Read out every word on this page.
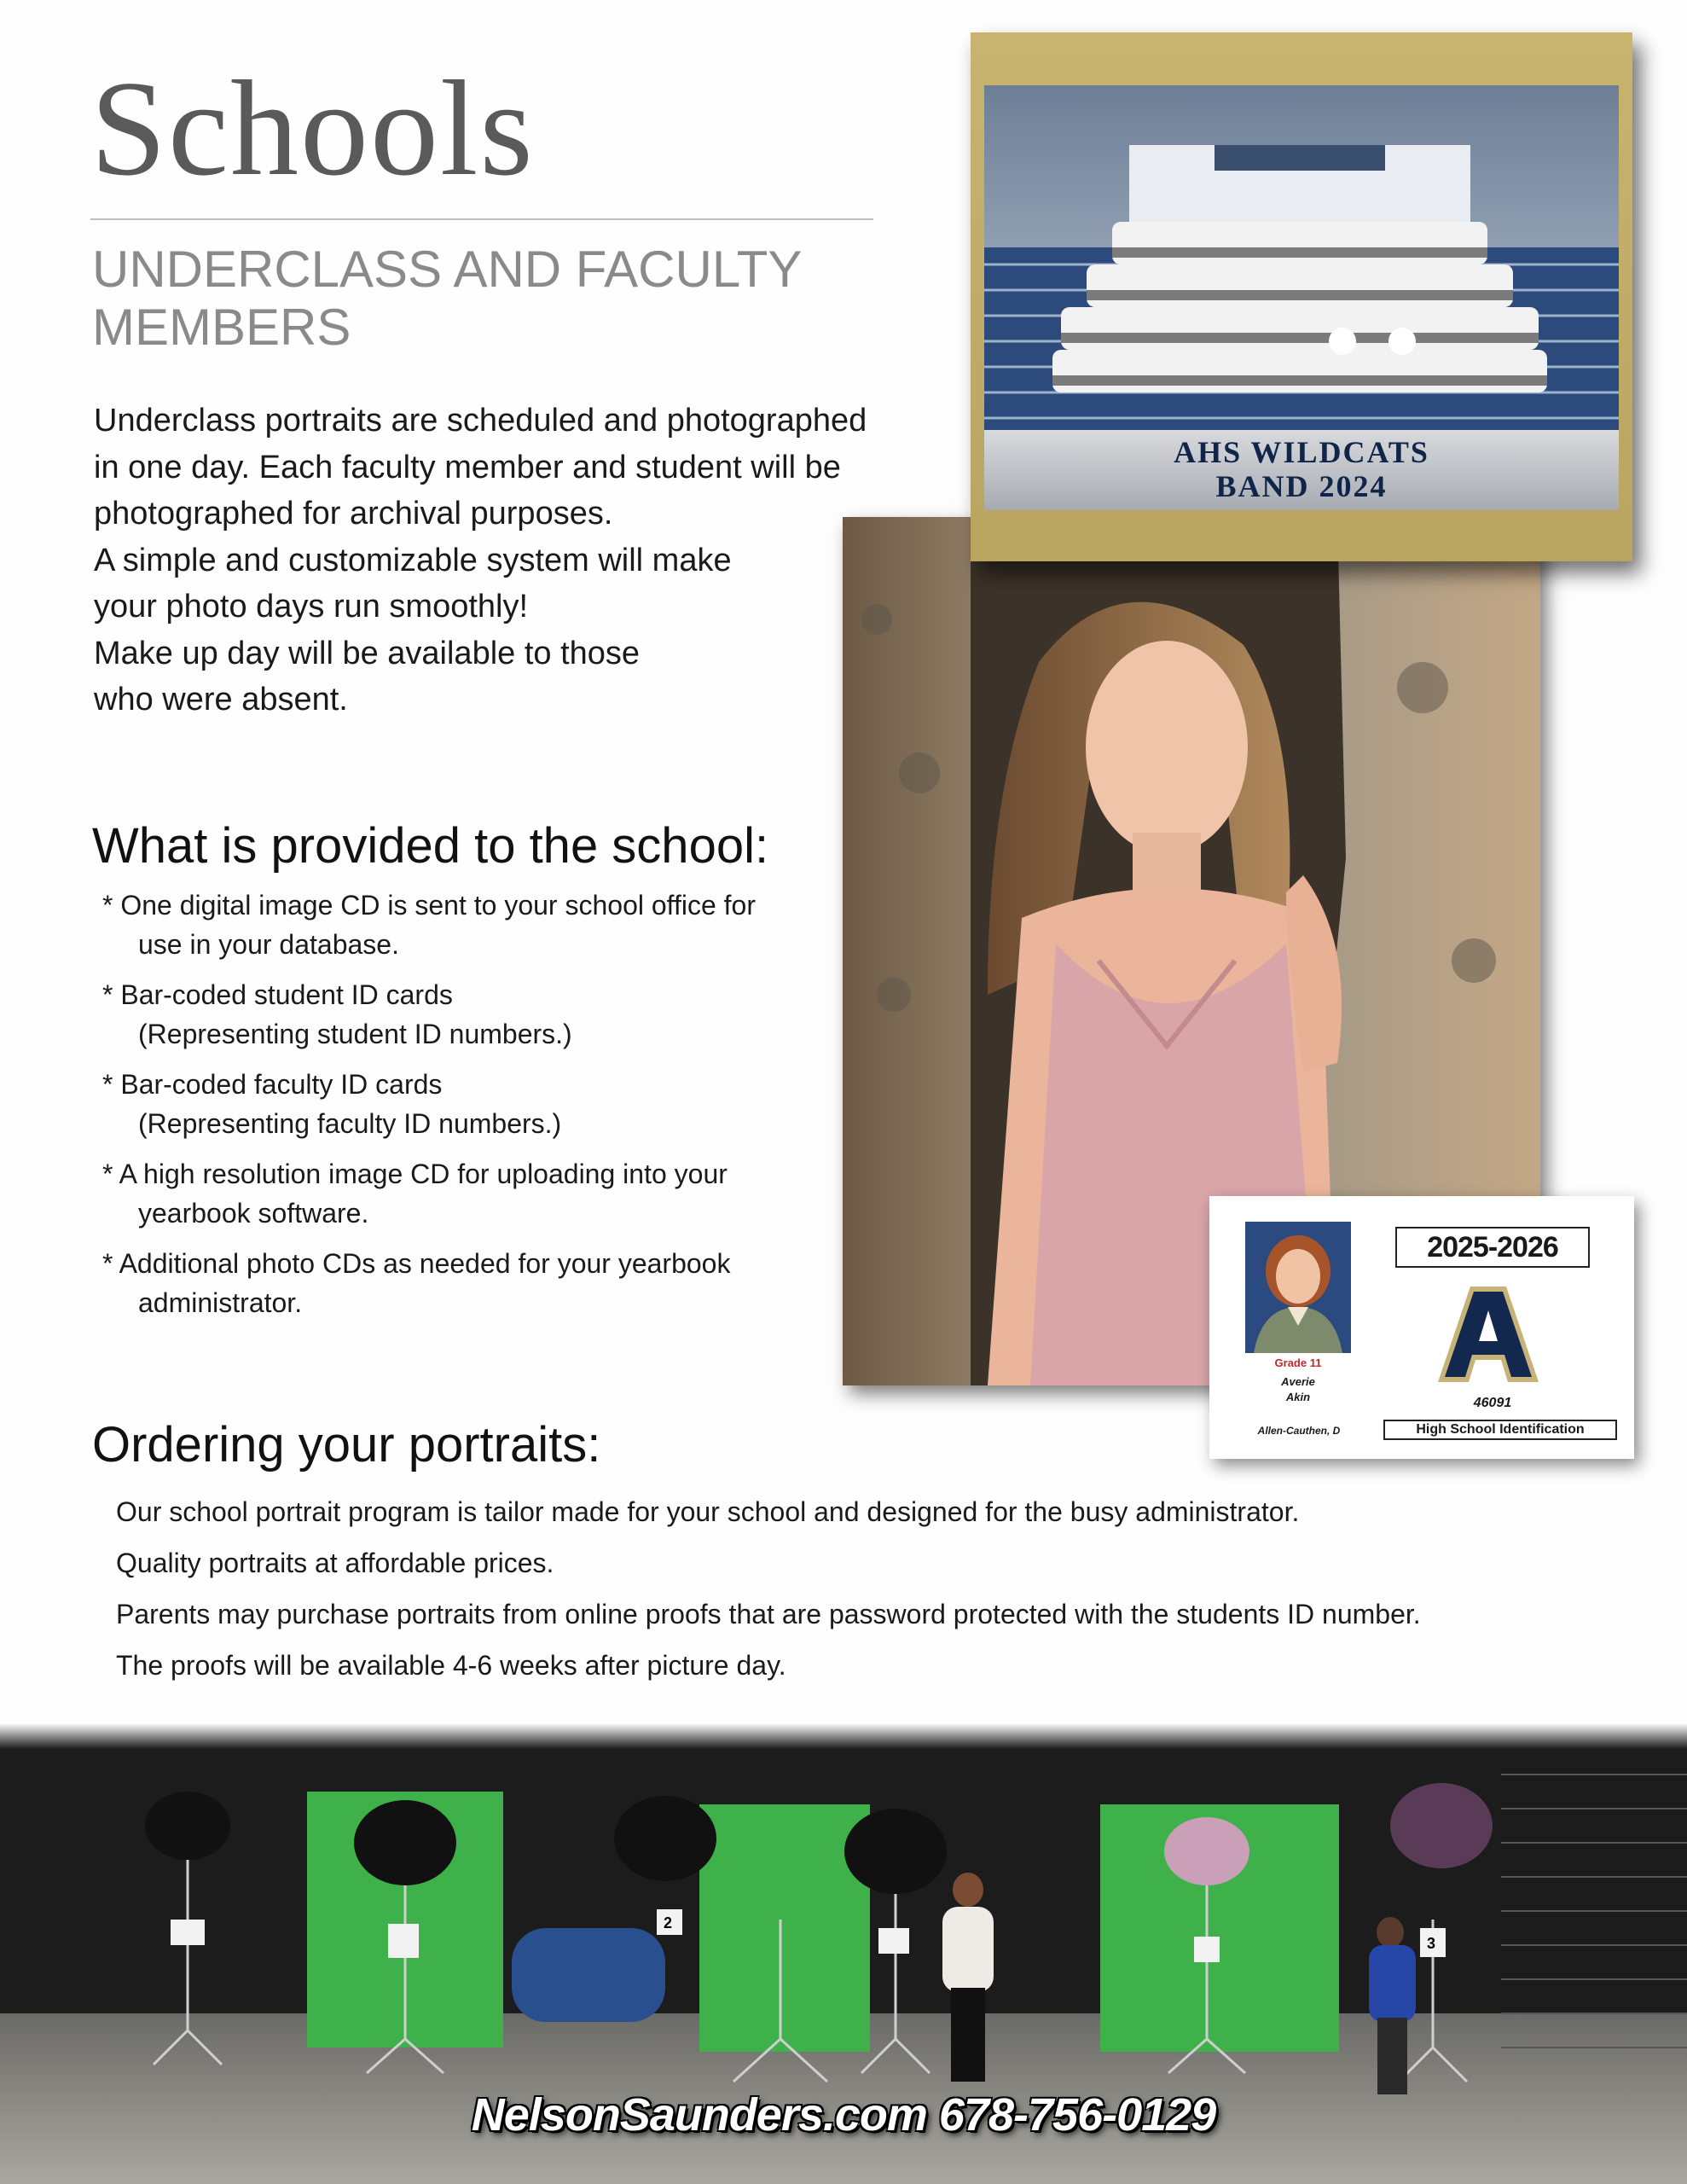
Schools
UNDERCLASS AND FACULTY
MEMBERS
Underclass portraits are scheduled and photographed
in one day. Each faculty member and student will be
photographed for archival purposes.
A simple and customizable system will make
your photo days run smoothly!
Make up day will be available to those
who were absent.
What is provided to the school:
* One digital image CD is sent to your school office for
use in your database.
* Bar-coded student ID cards
(Representing student ID numbers.)
* Bar-coded faculty ID cards
(Representing faculty ID numbers.)
* A high resolution image CD for uploading into your
yearbook software.
* Additional photo CDs as needed for your yearbook
administrator.
Ordering your portraits:
Our school portrait program is tailor made for your school and designed for the busy administrator.
Quality portraits at affordable prices.
Parents may purchase portraits from online proofs that are password protected with the students ID number.
The proofs will be available 4-6 weeks after picture day.
AHS WILDCATS
BAND 2024
Grade 11
Averie
Akin
Allen-Cauthen, D
2025-2026
46091
High School Identification
2
3
NelsonSaunders.com 678-756-0129
